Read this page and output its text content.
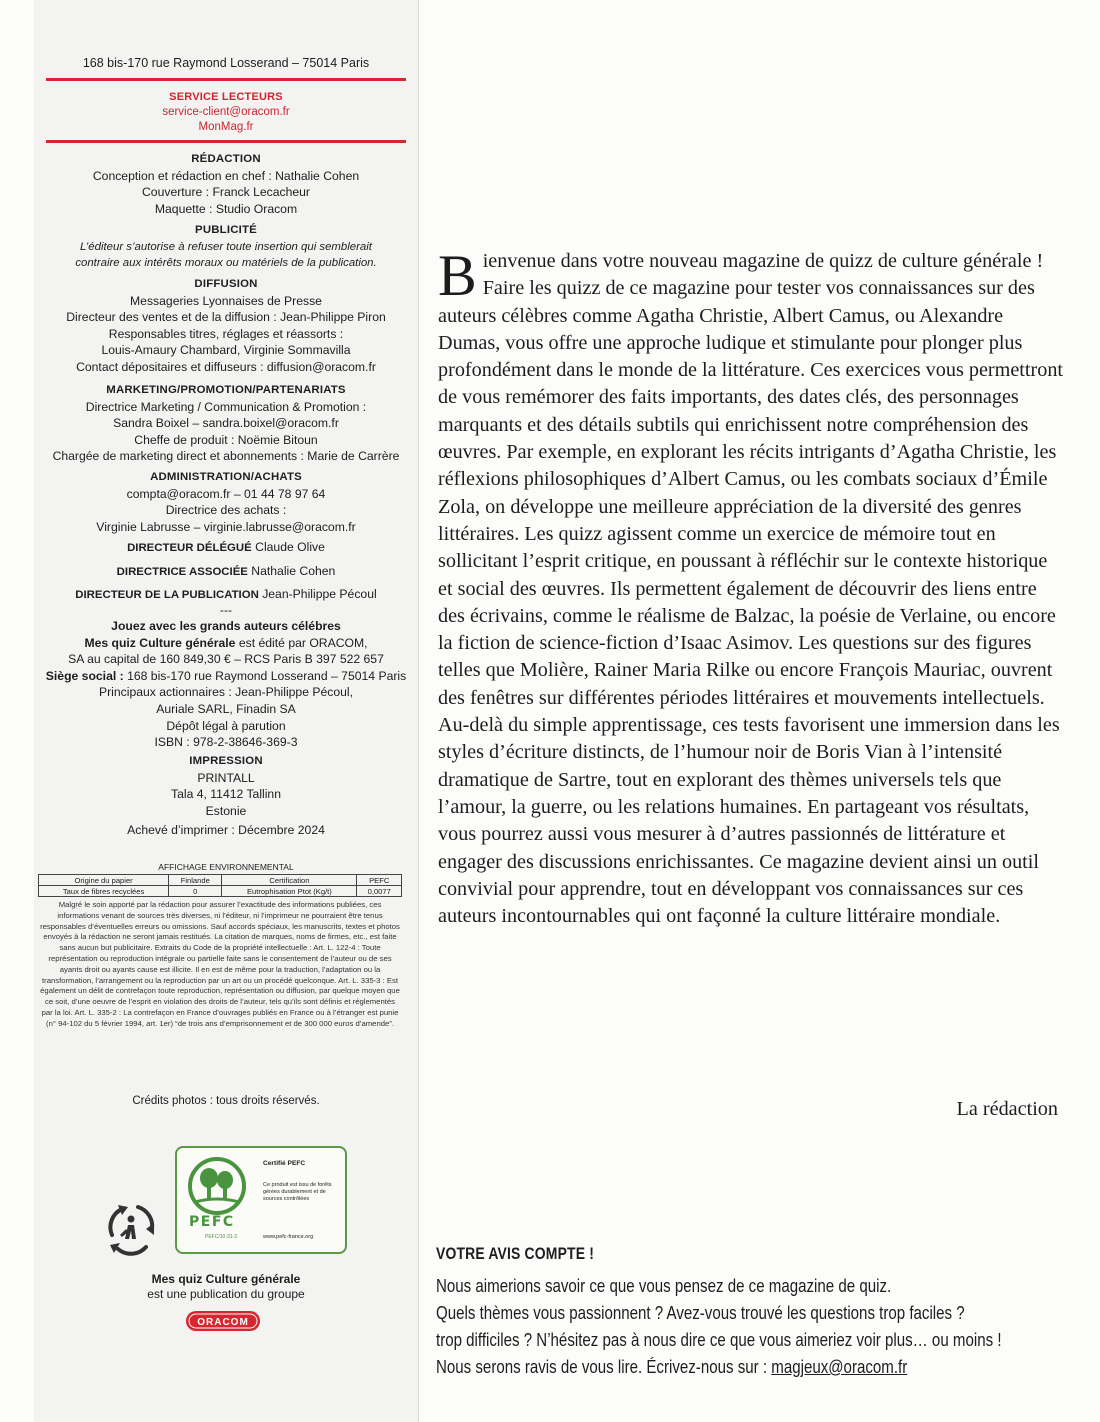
168 bis-170 rue Raymond Losserand – 75014 Paris
SERVICE LECTEURS
service-client@oracom.fr
MonMag.fr
RÉDACTION
Conception et rédaction en chef : Nathalie Cohen
Couverture : Franck Lecacheur
Maquette : Studio Oracom
PUBLICITÉ
L’éditeur s’autorise à refuser toute insertion qui semblerait
contraire aux intérêts moraux ou matériels de la publication.
DIFFUSION
Messageries Lyonnaises de Presse
Directeur des ventes et de la diffusion : Jean-Philippe Piron
Responsables titres, réglages et réassorts :
Louis-Amaury Chambard, Virginie Sommavilla
Contact dépositaires et diffuseurs : diffusion@oracom.fr
MARKETING/PROMOTION/PARTENARIATS
Directrice Marketing / Communication & Promotion :
Sandra Boixel – sandra.boixel@oracom.fr
Cheffe de produit : Noëmie Bitoun
Chargée de marketing direct et abonnements : Marie de Carrère
ADMINISTRATION/ACHATS
compta@oracom.fr – 01 44 78 97 64
Directrice des achats :
Virginie Labrusse – virginie.labrusse@oracom.fr
DIRECTEUR DÉLÉGUÉ Claude Olive
DIRECTRICE ASSOCIÉE Nathalie Cohen
DIRECTEUR DE LA PUBLICATION Jean-Philippe Pécoul
---
Jouez avec les grands auteurs célébres
Mes quiz Culture générale est édité par ORACOM,
SA au capital de 160 849,30 € – RCS Paris B 397 522 657
Siège social : 168 bis-170 rue Raymond Losserand – 75014 Paris
Principaux actionnaires : Jean-Philippe Pécoul,
Auriale SARL, Finadin SA
Dépôt légal à parution
ISBN : 978-2-38646-369-3
IMPRESSION
PRINTALL
Tala 4, 11412 Tallinn
Estonie
Achevé d’imprimer : Décembre 2024
AFFICHAGE ENVIRONNEMENTAL
Origine du papier	Finlande	Certification	PEFC
Taux de fibres recyclées	0	Eutrophisation Ptot (Kg/t)	0,0077
Malgré le soin apporté par la rédaction pour assurer l’exactitude des informations publiées, ces informations venant de sources très diverses, ni l’éditeur, ni l’imprimeur ne pourraient être tenus responsables d’éventuelles erreurs ou omissions. Sauf accords spéciaux, les manuscrits, textes et photos envoyés à la rédaction ne seront jamais restitués. La citation de marques, noms de firmes, etc., est faite sans aucun but publicitaire. Extraits du Code de la propriété intellectuelle : Art. L. 122-4 : Toute représentation ou reproduction intégrale ou partielle faite sans le consentement de l’auteur ou de ses ayants droit ou ayants cause est illicite. Il en est de même pour la traduction, l’adaptation ou la transformation, l’arrangement ou la reproduction par un art ou un procédé quelconque. Art. L. 335-3 : Est également un délit de contrefaçon toute reproduction, représentation ou diffusion, par quelque moyen que ce soit, d’une oeuvre de l’esprit en violation des droits de l’auteur, tels qu’ils sont définis et réglementés par la loi. Art. L. 335-2 : La contrefaçon en France d’ouvrages publiés en France ou à l’étranger est punie (n° 94-102 du 5 février 1994, art. 1er) “de trois ans d’emprisonnement et de 300 000 euros d’amende”.
Crédits photos : tous droits réservés.
PEFC
PEFC/10-31-3
Certifié PEFC
Ce produit est issu de forêts gérées durablement et de sources contrôlées
www.pefc-france.org
Mes quiz Culture générale
est une publication du groupe
ORACOM

Bienvenue dans votre nouveau magazine de quizz de culture générale ! Faire les quizz de ce magazine pour tester vos connaissances sur des auteurs célèbres comme Agatha Christie, Albert Camus, ou Alexandre Dumas, vous offre une approche ludique et stimulante pour plonger plus profondément dans le monde de la littérature. Ces exercices vous permettront de vous remémorer des faits importants, des dates clés, des personnages marquants et des détails subtils qui enrichissent notre compréhension des œuvres. Par exemple, en explorant les récits intrigants d’Agatha Christie, les réflexions philosophiques d’Albert Camus, ou les combats sociaux d’Émile Zola, on développe une meilleure appréciation de la diversité des genres littéraires. Les quizz agissent comme un exercice de mémoire tout en sollicitant l’esprit critique, en poussant à réfléchir sur le contexte historique et social des œuvres. Ils permettent également de découvrir des liens entre des écrivains, comme le réalisme de Balzac, la poésie de Verlaine, ou encore la fiction de science-fiction d’Isaac Asimov. Les questions sur des figures telles que Molière, Rainer Maria Rilke ou encore François Mauriac, ouvrent des fenêtres sur différentes périodes littéraires et mouvements intellectuels. Au-delà du simple apprentissage, ces tests favorisent une immersion dans les styles d’écriture distincts, de l’humour noir de Boris Vian à l’intensité dramatique de Sartre, tout en explorant des thèmes universels tels que l’amour, la guerre, ou les relations humaines. En partageant vos résultats, vous pourrez aussi vous mesurer à d’autres passionnés de littérature et engager des discussions enrichissantes. Ce magazine devient ainsi un outil convivial pour apprendre, tout en développant vos connaissances sur ces auteurs incontournables qui ont façonné la culture littéraire mondiale.

La rédaction
VOTRE AVIS COMPTE !
Nous aimerions savoir ce que vous pensez de ce magazine de quiz.
Quels thèmes vous passionnent ? Avez-vous trouvé les questions trop faciles ?
trop difficiles ? N’hésitez pas à nous dire ce que vous aimeriez voir plus… ou moins !
Nous serons ravis de vous lire. Écrivez-nous sur : magjeux@oracom.fr
